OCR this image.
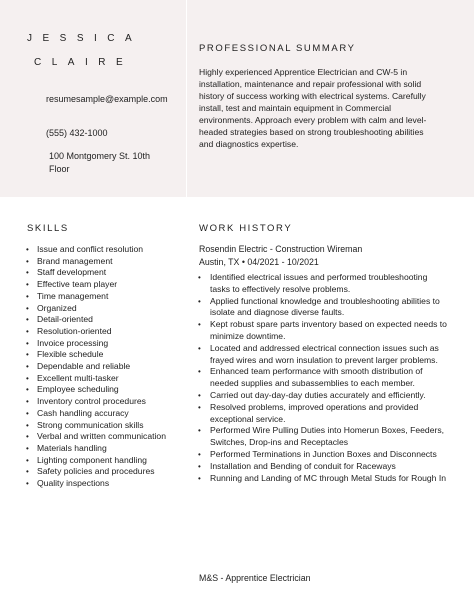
JESSICA
CLAIRE
resumesample@example.com
(555) 432-1000
100 Montgomery St. 10th Floor
PROFESSIONAL SUMMARY
Highly experienced Apprentice Electrician and CW-5 in installation, maintenance and repair professional with solid history of success working with electrical systems. Carefully install, test and maintain equipment in Commercial environments. Approach every problem with calm and level-headed strategies based on strong troubleshooting abilities and diagnostics expertise.
SKILLS
• Issue and conflict resolution
• Brand management
• Staff development
• Effective team player
• Time management
• Organized
• Detail-oriented
• Resolution-oriented
• Invoice processing
• Flexible schedule
• Dependable and reliable
• Excellent multi-tasker
• Employee scheduling
• Inventory control procedures
• Cash handling accuracy
• Strong communication skills
• Verbal and written communication
• Materials handling
• Lighting component handling
• Safety policies and procedures
• Quality inspections
WORK HISTORY
Rosendin Electric - Construction Wireman
Austin, TX • 04/2021 - 10/2021
• Identified electrical issues and performed troubleshooting tasks to effectively resolve problems.
• Applied functional knowledge and troubleshooting abilities to isolate and diagnose diverse faults.
• Kept robust spare parts inventory based on expected needs to minimize downtime.
• Located and addressed electrical connection issues such as frayed wires and worn insulation to prevent larger problems.
• Enhanced team performance with smooth distribution of needed supplies and subassemblies to each member.
• Carried out day-day-day duties accurately and efficiently.
• Resolved problems, improved operations and provided exceptional service.
• Performed Wire Pulling Duties into Homerun Boxes, Feeders, Switches, Drop-ins and Receptacles
• Performed Terminations in Junction Boxes and Disconnects
• Installation and Bending of conduit for Raceways
• Running and Landing of MC through Metal Studs for Rough In
M&S - Apprentice Electrician
